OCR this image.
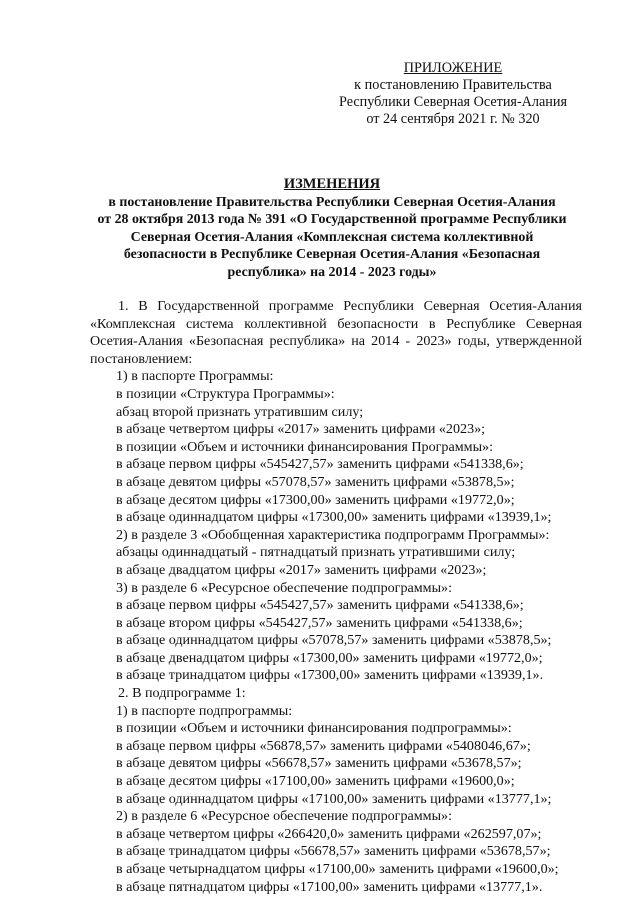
ПРИЛОЖЕНИЕ
к постановлению Правительства
Республики Северная Осетия-Алания
от 24 сентября 2021 г. № 320
ИЗМЕНЕНИЯ
в постановление Правительства Республики Северная Осетия-Алания
от 28 октября 2013 года № 391 «О Государственной программе Республики
Северная Осетия-Алания «Комплексная система коллективной
безопасности в Республике Северная Осетия-Алания «Безопасная
республика» на 2014 - 2023 годы»

1. В Государственной программе Республики Северная Осетия-Алания «Комплексная система коллективной безопасности в Республике Северная Осетия-Алания «Безопасная республика» на 2014 - 2023» годы, утвержденной постановлением:

1) в паспорте Программы:

в позиции «Структура Программы»:

абзац второй признать утратившим силу;

в абзаце четвертом цифры «2017» заменить цифрами «2023»;

в позиции «Объем и источники финансирования Программы»:

в абзаце первом цифры «545427,57» заменить цифрами «541338,6»;

в абзаце девятом цифры «57078,57» заменить цифрами «53878,5»;

в абзаце десятом цифры «17300,00» заменить цифрами «19772,0»;

в абзаце одиннадцатом цифры «17300,00» заменить цифрами «13939,1»;

2) в разделе 3 «Обобщенная характеристика подпрограмм Программы»:

абзацы одиннадцатый - пятнадцатый признать утратившими силу;

в абзаце двадцатом цифры «2017» заменить цифрами «2023»;

3) в разделе 6 «Ресурсное обеспечение подпрограммы»:

в абзаце первом цифры «545427,57» заменить цифрами «541338,6»;

в абзаце втором цифры «545427,57» заменить цифрами «541338,6»;

в абзаце одиннадцатом цифры «57078,57» заменить цифрами «53878,5»;

в абзаце двенадцатом цифры «17300,00» заменить цифрами «19772,0»;

в абзаце тринадцатом цифры «17300,00» заменить цифрами «13939,1».

2. В подпрограмме 1:

1) в паспорте подпрограммы:

в позиции «Объем и источники финансирования подпрограммы»:

в абзаце первом цифры «56878,57» заменить цифрами «5408046,67»;

в абзаце девятом цифры «56678,57» заменить цифрами «53678,57»;

в абзаце десятом цифры «17100,00» заменить цифрами «19600,0»;

в абзаце одиннадцатом цифры «17100,00» заменить цифрами «13777,1»;

2) в разделе 6 «Ресурсное обеспечение подпрограммы»:

в абзаце четвертом цифры «266420,0» заменить цифрами «262597,07»;

в абзаце тринадцатом цифры «56678,57» заменить цифрами «53678,57»;

в абзаце четырнадцатом цифры «17100,00» заменить цифрами «19600,0»;

в абзаце пятнадцатом цифры «17100,00» заменить цифрами «13777,1».
